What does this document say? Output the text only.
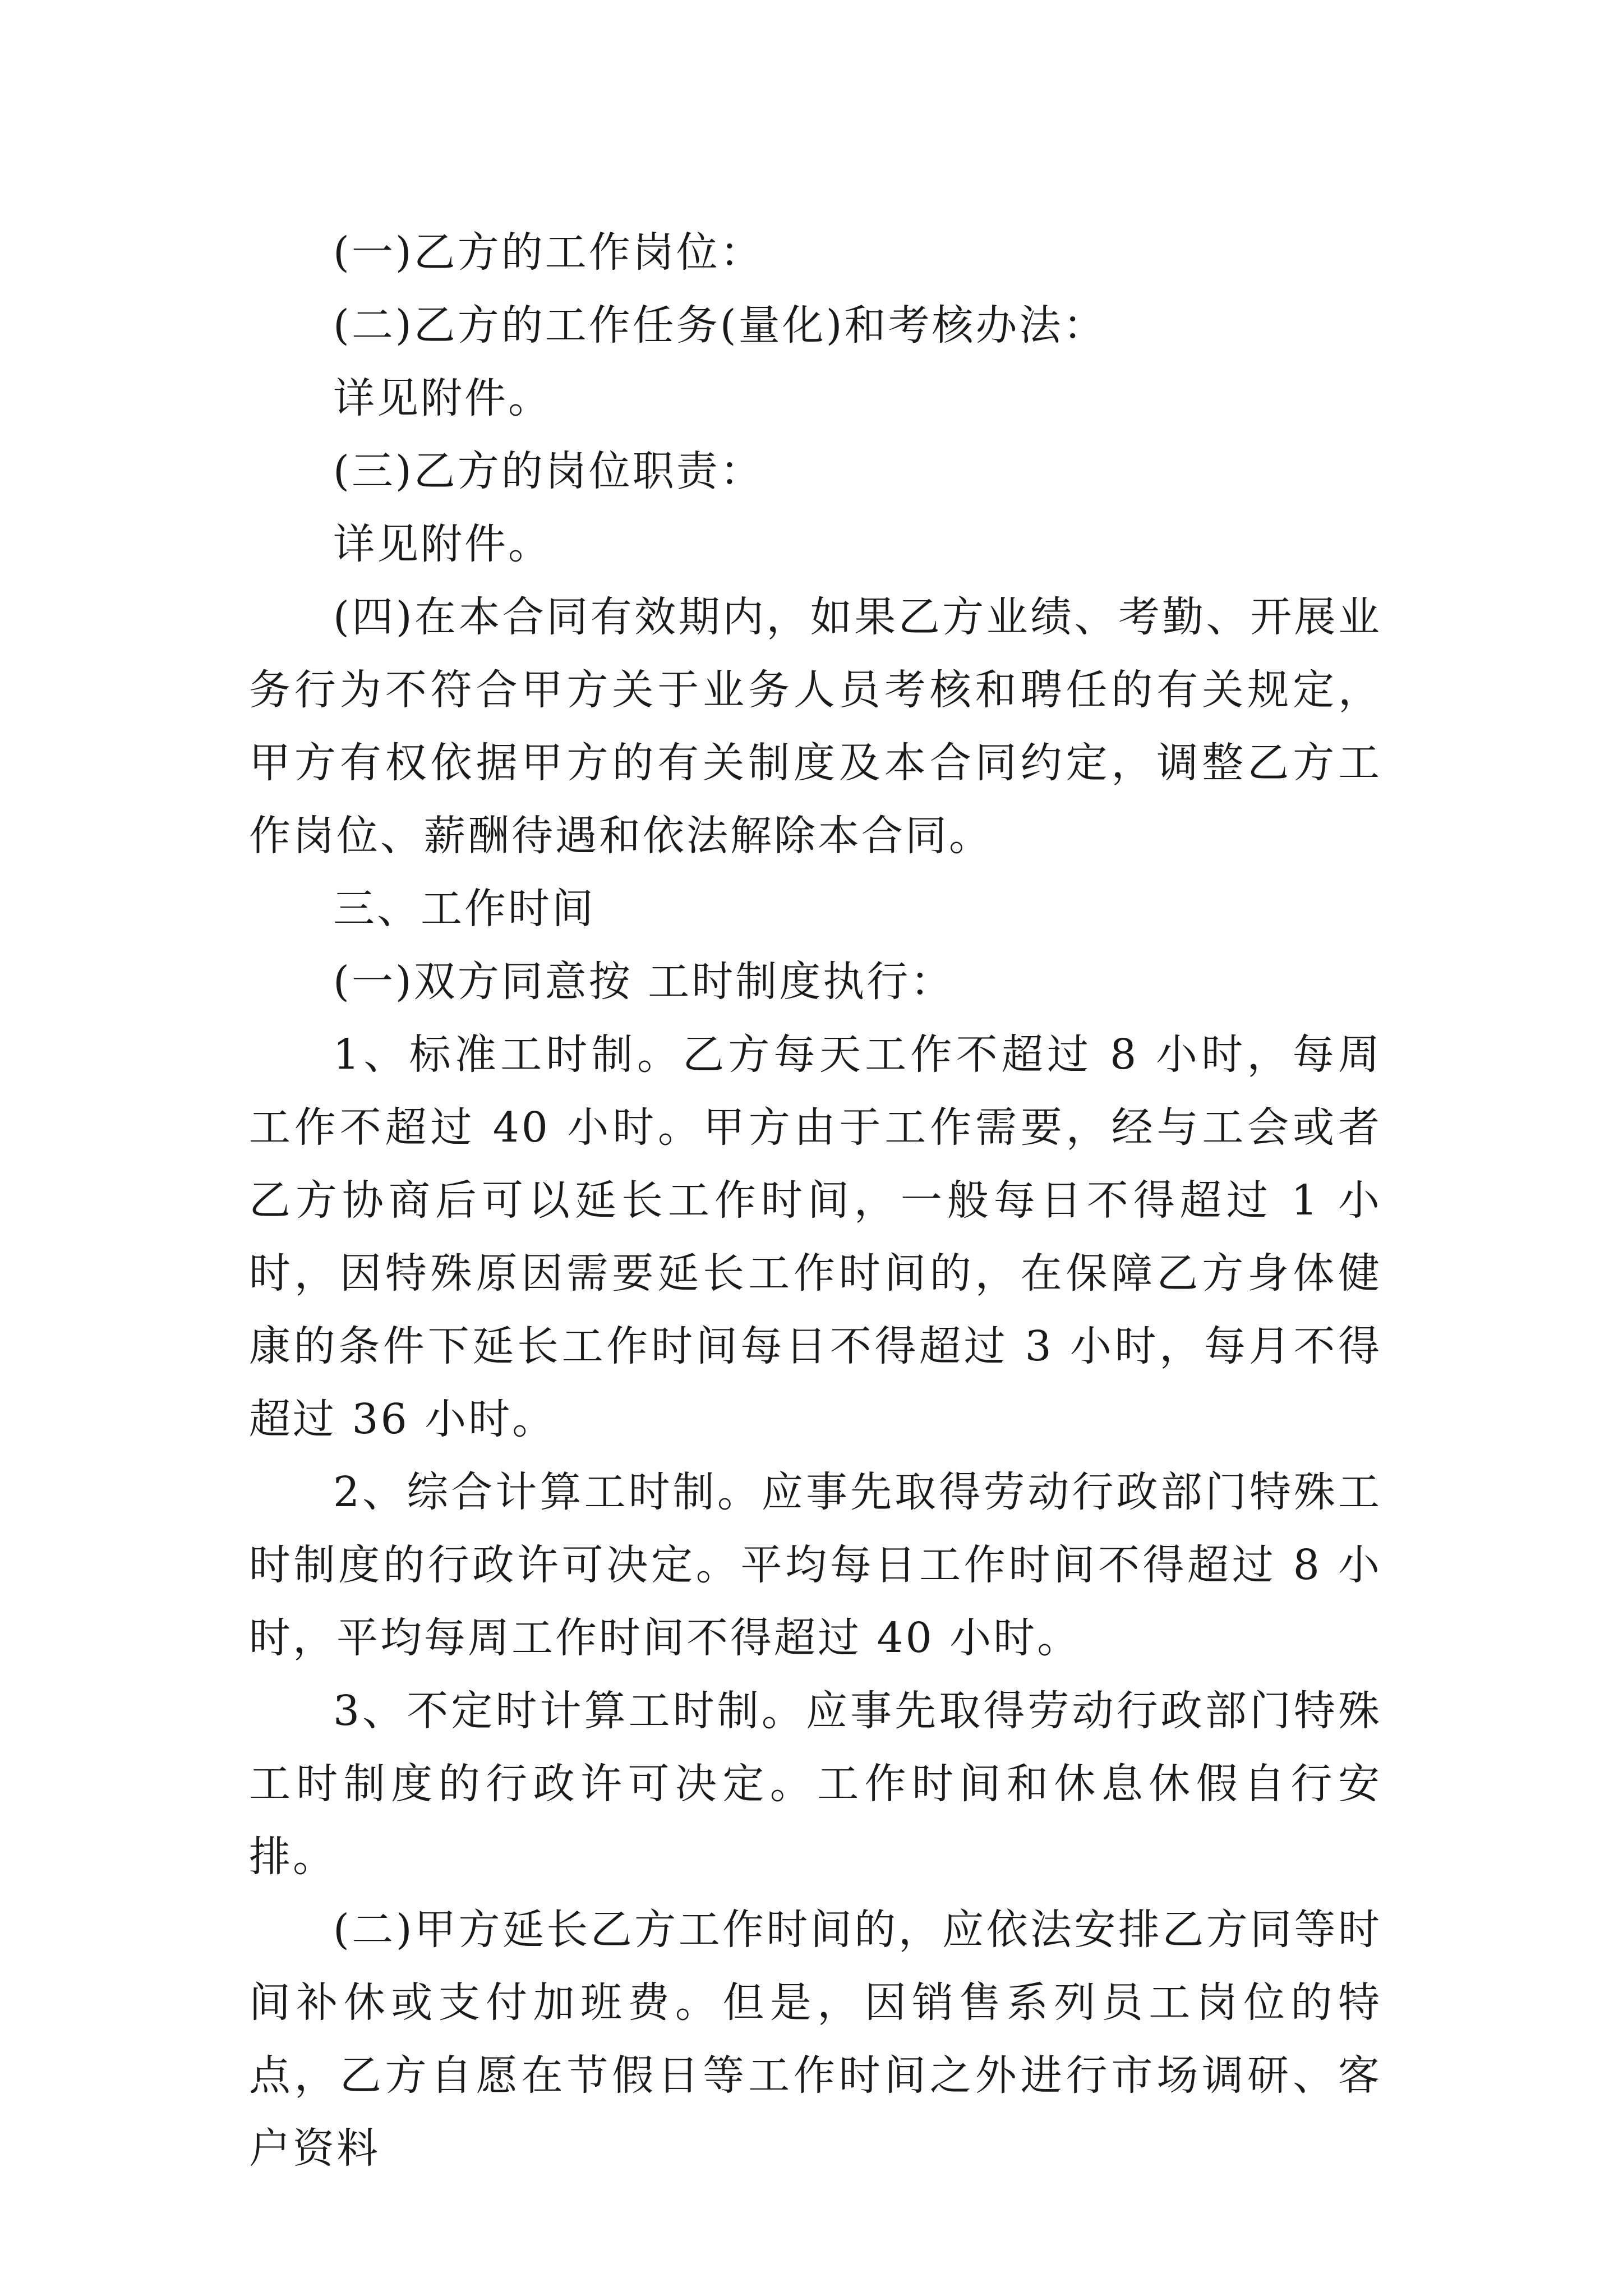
(一)乙方的工作岗位：

(二)乙方的工作任务(量化)和考核办法：

详见附件。

(三)乙方的岗位职责：

详见附件。

(四)在本合同有效期内，如果乙方业绩、考勤、开展业务行为不符合甲方关于业务人员考核和聘任的有关规定，甲方有权依据甲方的有关制度及本合同约定，调整乙方工作岗位、薪酬待遇和依法解除本合同。

三、工作时间

(一)双方同意按 工时制度执行：

1、标准工时制。乙方每天工作不超过 8 小时，每周工作不超过 40 小时。甲方由于工作需要，经与工会或者乙方协商后可以延长工作时间，一般每日不得超过 1 小时，因特殊原因需要延长工作时间的，在保障乙方身体健康的条件下延长工作时间每日不得超过 3 小时，每月不得超过 36 小时。

2、综合计算工时制。应事先取得劳动行政部门特殊工时制度的行政许可决定。平均每日工作时间不得超过 8 小时，平均每周工作时间不得超过 40 小时。

3、不定时计算工时制。应事先取得劳动行政部门特殊工时制度的行政许可决定。工作时间和休息休假自行安排。

(二)甲方延长乙方工作时间的，应依法安排乙方同等时间补休或支付加班费。但是，因销售系列员工岗位的特点，乙方自愿在节假日等工作时间之外进行市场调研、客户资料
